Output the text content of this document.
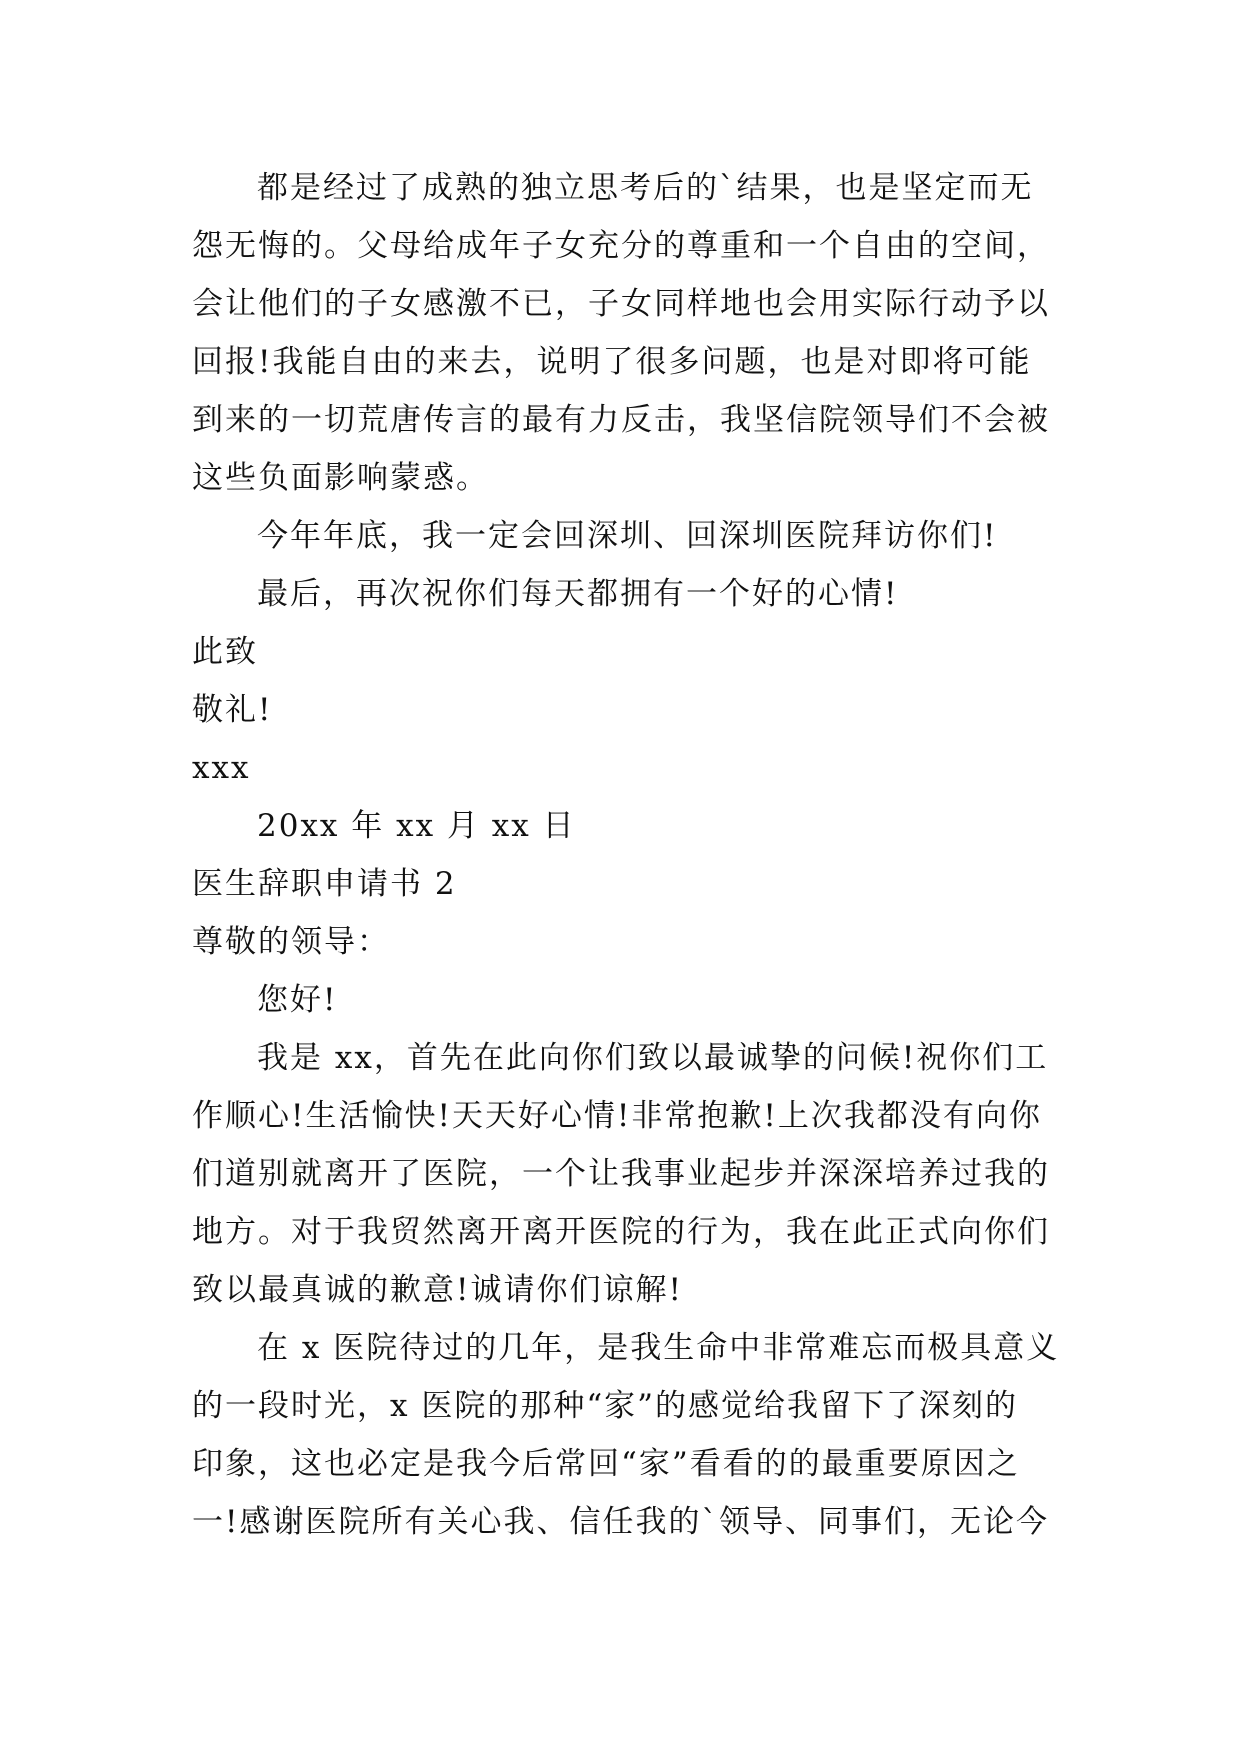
都是经过了成熟的独立思考后的`结果，也是坚定而无
怨无悔的。父母给成年子女充分的尊重和一个自由的空间，
会让他们的子女感激不已，子女同样地也会用实际行动予以
回报!我能自由的来去，说明了很多问题，也是对即将可能
到来的一切荒唐传言的最有力反击，我坚信院领导们不会被
这些负面影响蒙惑。
今年年底，我一定会回深圳、回深圳医院拜访你们!
最后，再次祝你们每天都拥有一个好的心情!
此致
敬礼!
xxx
20xx 年 xx 月 xx 日
医生辞职申请书 2
尊敬的领导：
您好!
我是 xx，首先在此向你们致以最诚挚的问候!祝你们工
作顺心!生活愉快!天天好心情!非常抱歉!上次我都没有向你
们道别就离开了医院，一个让我事业起步并深深培养过我的
地方。对于我贸然离开离开医院的行为，我在此正式向你们
致以最真诚的歉意!诚请你们谅解!
在 x 医院待过的几年，是我生命中非常难忘而极具意义
的一段时光，x 医院的那种“家”的感觉给我留下了深刻的
印象，这也必定是我今后常回“家”看看的的最重要原因之
一!感谢医院所有关心我、信任我的`领导、同事们，无论今
